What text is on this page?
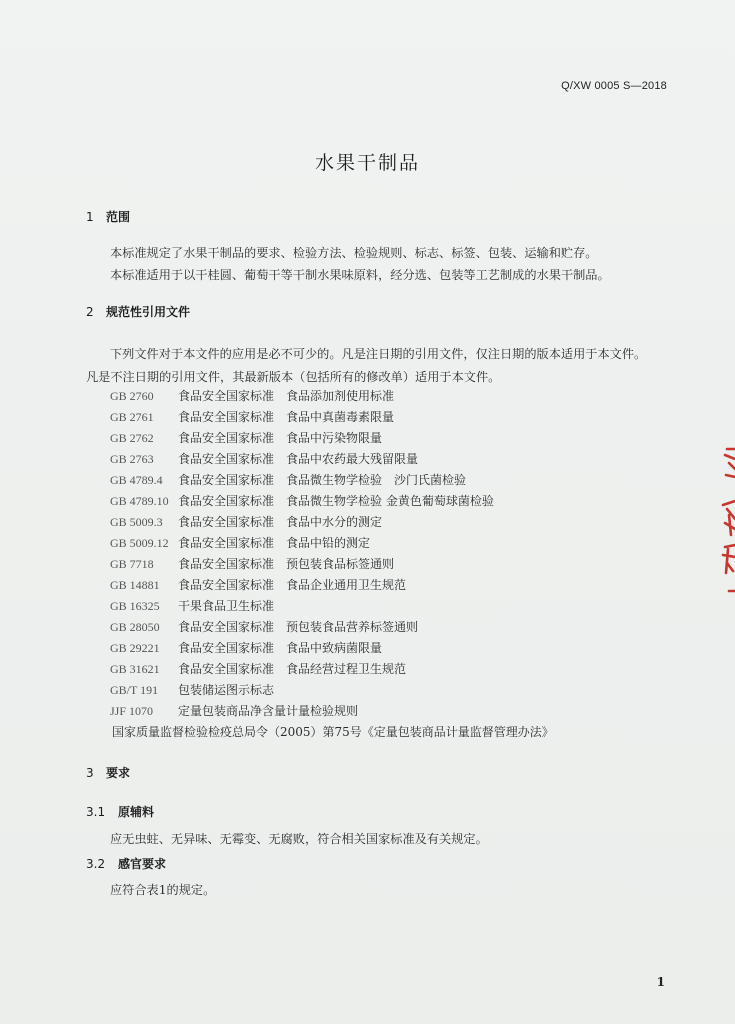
Q/XW 0005 S—2018
水果干制品
1 范围
本标准规定了水果干制品的要求、检验方法、检验规则、标志、标签、包装、运输和贮存。
本标准适用于以干桂圆、葡萄干等干制水果味原料，经分选、包装等工艺制成的水果干制品。
2 规范性引用文件
下列文件对于本文件的应用是必不可少的。凡是注日期的引用文件，仅注日期的版本适用于本文件。
凡是不注日期的引用文件，其最新版本（包括所有的修改单）适用于本文件。
GB 2760 食品安全国家标准　食品添加剂使用标准
GB 2761 食品安全国家标准　食品中真菌毒素限量
GB 2762 食品安全国家标准　食品中污染物限量
GB 2763 食品安全国家标准　食品中农药最大残留限量
GB 4789.4 食品安全国家标准　食品微生物学检验　沙门氏菌检验
GB 4789.10 食品安全国家标准　食品微生物学检验 金黄色葡萄球菌检验
GB 5009.3 食品安全国家标准　食品中水分的测定
GB 5009.12 食品安全国家标准　食品中铅的测定
GB 7718 食品安全国家标准　预包装食品标签通则
GB 14881 食品安全国家标准　食品企业通用卫生规范
GB 16325 干果食品卫生标准
GB 28050 食品安全国家标准　预包装食品营养标签通则
GB 29221 食品安全国家标准　食品中致病菌限量
GB 31621 食品安全国家标准　食品经营过程卫生规范
GB/T 191 包装储运图示标志
JJF 1070 定量包装商品净含量计量检验规则
国家质量监督检验检疫总局令（2005）第75号《定量包装商品计量监督管理办法》
3 要求
3.1 原辅料
应无虫蛀、无异味、无霉变、无腐败，符合相关国家标准及有关规定。
3.2 感官要求
应符合表1的规定。
1
